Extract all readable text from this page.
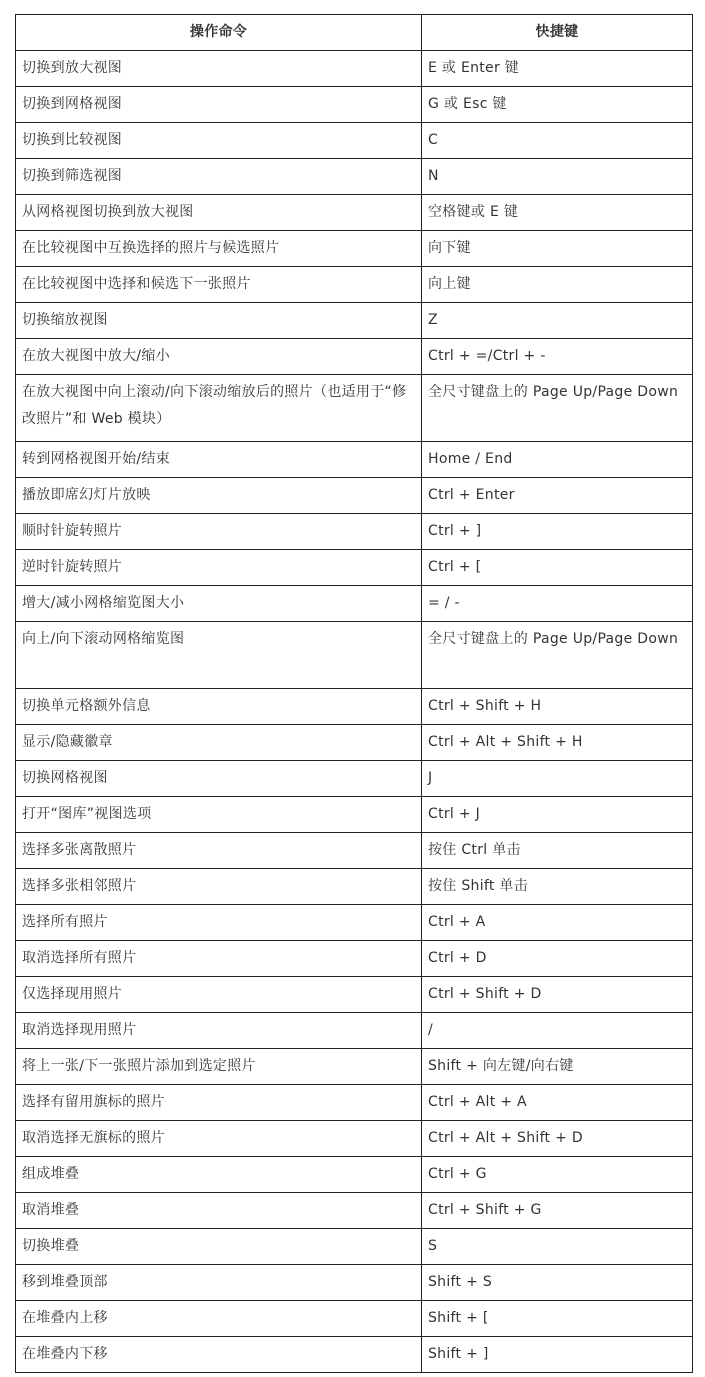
操作命令	快捷键
切换到放大视图	E 或 Enter 键
切换到网格视图	G 或 Esc 键
切换到比较视图	C
切换到筛选视图	N
从网格视图切换到放大视图	空格键或 E 键
在比较视图中互换选择的照片与候选照片	向下键
在比较视图中选择和候选下一张照片	向上键
切换缩放视图	Z
在放大视图中放大/缩小	Ctrl + =/Ctrl + -
在放大视图中向上滚动/向下滚动缩放后的照片（也适用于“修改照片”和 Web 模块）	全尺寸键盘上的 Page Up/Page Down
转到网格视图开始/结束	Home / End
播放即席幻灯片放映	Ctrl + Enter
顺时针旋转照片	Ctrl + ]
逆时针旋转照片	Ctrl + [
增大/减小网格缩览图大小	= / -
向上/向下滚动网格缩览图	全尺寸键盘上的 Page Up/Page Down
切换单元格额外信息	Ctrl + Shift + H
显示/隐藏徽章	Ctrl + Alt + Shift + H
切换网格视图	J
打开“图库”视图选项	Ctrl + J
选择多张离散照片	按住 Ctrl 单击
选择多张相邻照片	按住 Shift 单击
选择所有照片	Ctrl + A
取消选择所有照片	Ctrl + D
仅选择现用照片	Ctrl + Shift + D
取消选择现用照片	/
将上一张/下一张照片添加到选定照片	Shift + 向左键/向右键
选择有留用旗标的照片	Ctrl + Alt + A
取消选择无旗标的照片	Ctrl + Alt + Shift + D
组成堆叠	Ctrl + G
取消堆叠	Ctrl + Shift + G
切换堆叠	S
移到堆叠顶部	Shift + S
在堆叠内上移	Shift + [
在堆叠内下移	Shift + ]
